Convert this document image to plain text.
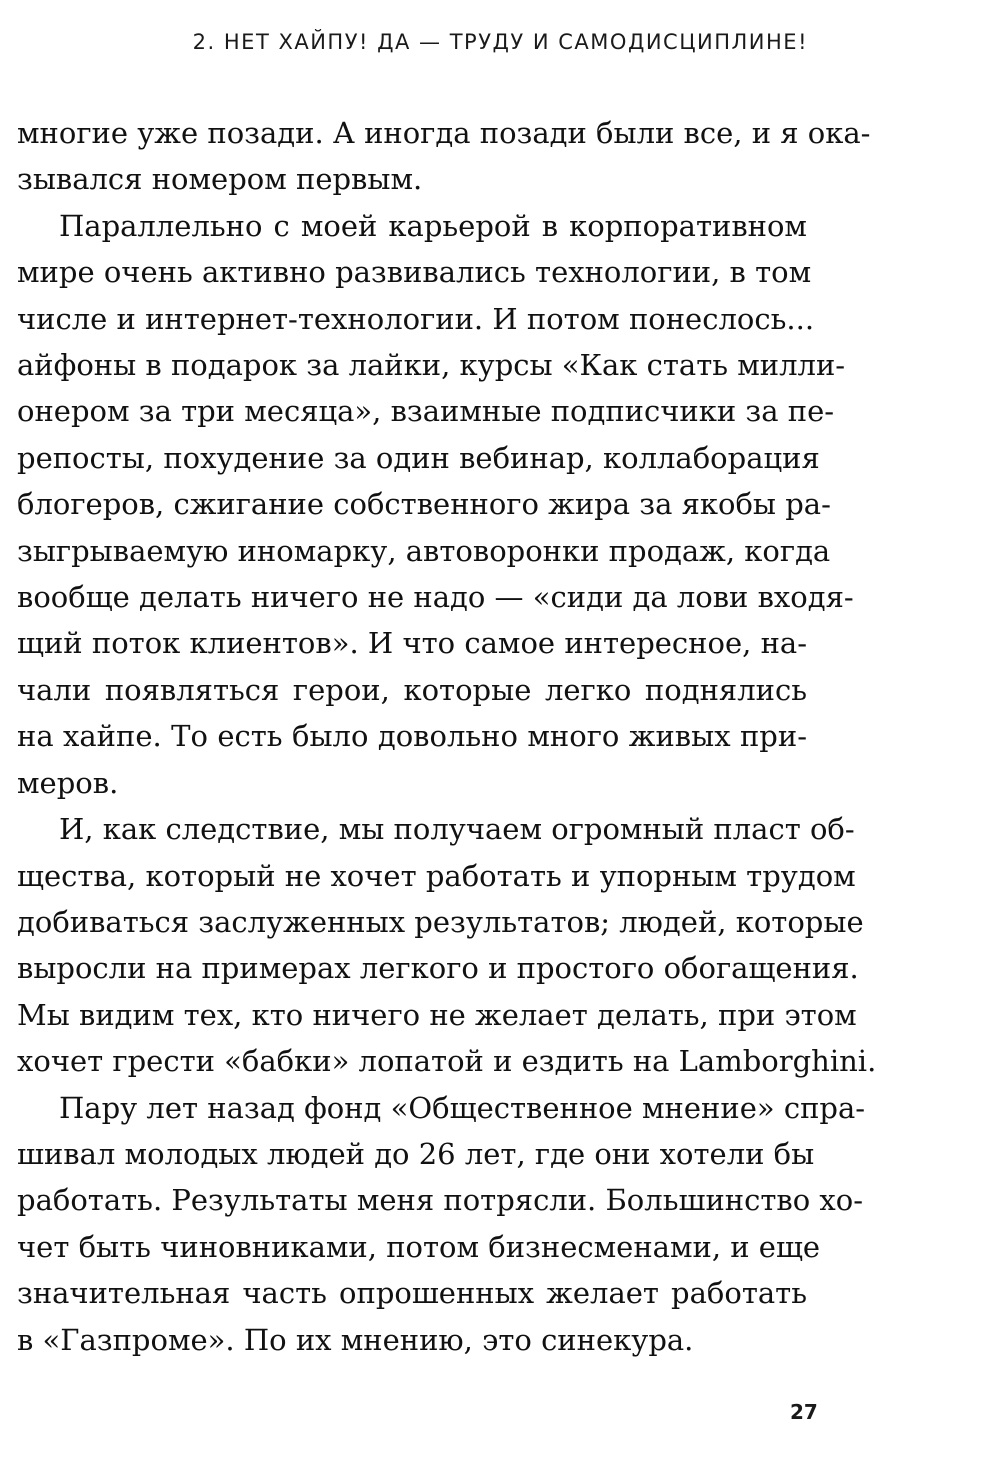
2. НЕТ ХАЙПУ! ДА — ТРУДУ И САМОДИСЦИПЛИНЕ!
многие уже позади. А иногда позади были все, и я ока-
зывался номером первым.
Параллельно с моей карьерой в корпоративном
мире очень активно развивались технологии, в том
числе и интернет-технологии. И потом понеслось...
айфоны в подарок за лайки, курсы «Как стать милли-
онером за три месяца», взаимные подписчики за пе-
репосты, похудение за один вебинар, коллаборация
блогеров, сжигание собственного жира за якобы ра-
зыгрываемую иномарку, автоворонки продаж, когда
вообще делать ничего не надо — «сиди да лови входя-
щий поток клиентов». И что самое интересное, на-
чали появляться герои, которые легко поднялись
на хайпе. То есть было довольно много живых при-
меров.
И, как следствие, мы получаем огромный пласт об-
щества, который не хочет работать и упорным трудом
добиваться заслуженных результатов; людей, которые
выросли на примерах легкого и простого обогащения.
Мы видим тех, кто ничего не желает делать, при этом
хочет грести «бабки» лопатой и ездить на Lamborghini.
Пару лет назад фонд «Общественное мнение» спра-
шивал молодых людей до 26 лет, где они хотели бы
работать. Результаты меня потрясли. Большинство хо-
чет быть чиновниками, потом бизнесменами, и еще
значительная часть опрошенных желает работать
в «Газпроме». По их мнению, это синекура.
27
